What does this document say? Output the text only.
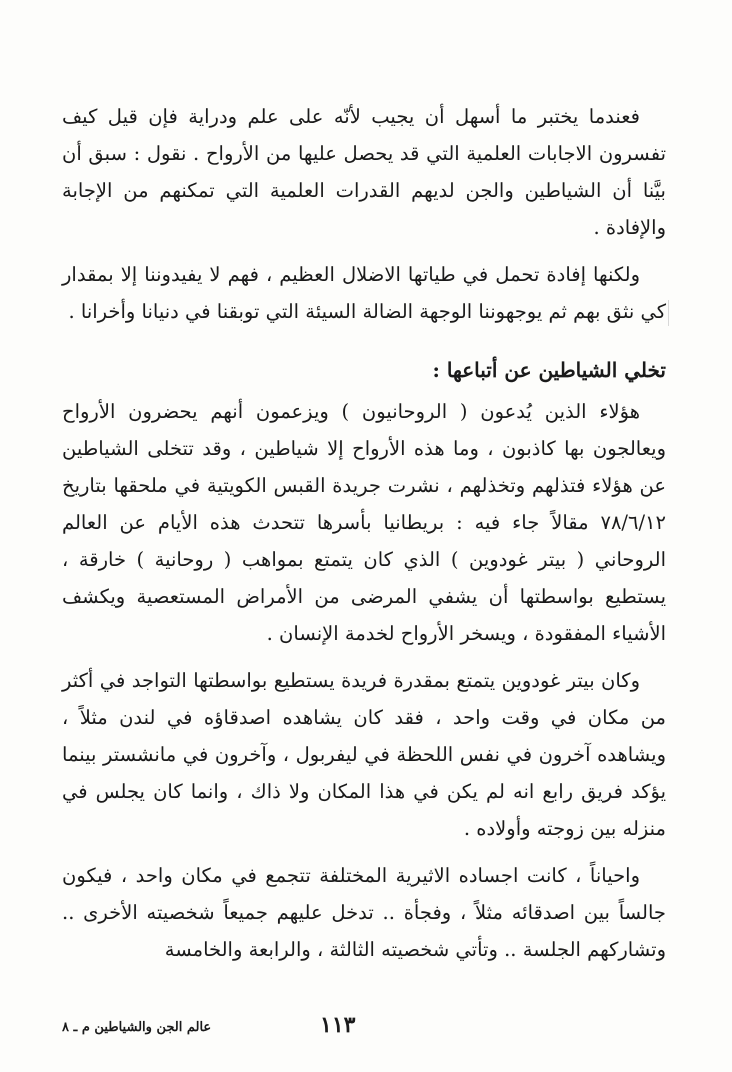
فعندما يختبر ما أسهل أن يجيب لأنّه على علم ودراية فإن قيل كيف تفسرون الاجابات العلمية التي قد يحصل عليها من الأرواح . نقول : سبق أن بيَّنا أن الشياطين والجن لديهم القدرات العلمية التي تمكنهم من الإجابة والإفادة .

ولكنها إفادة تحمل في طياتها الاضلال العظيم ، فهم لا يفيدوننا إلا بمقدار كي نثق بهم ثم يوجهوننا الوجهة الضالة السيئة التي توبقنا في دنيانا وأخرانا .

تخلي الشياطين عن أتباعها :

هؤلاء الذين يُدعون ( الروحانيون ) ويزعمون أنهم يحضرون الأرواح ويعالجون بها كاذبون ، وما هذه الأرواح إلا شياطين ، وقد تتخلى الشياطين عن هؤلاء فتذلهم وتخذلهم ، نشرت جريدة القبس الكويتية في ملحقها بتاريخ ٧٨/٦/١٢ مقالاً جاء فيه : بريطانيا بأسرها تتحدث هذه الأيام عن العالم الروحاني ( بيتر غودوين ) الذي كان يتمتع بمواهب ( روحانية ) خارقة ، يستطيع بواسطتها أن يشفي المرضى من الأمراض المستعصية ويكشف الأشياء المفقودة ، ويسخر الأرواح لخدمة الإنسان .

وكان بيتر غودوين يتمتع بمقدرة فريدة يستطيع بواسطتها التواجد في أكثر من مكان في وقت واحد ، فقد كان يشاهده اصدقاؤه في لندن مثلاً ، ويشاهده آخرون في نفس اللحظة في ليفربول ، وآخرون في مانشستر بينما يؤكد فريق رابع انه لم يكن في هذا المكان ولا ذاك ، وانما كان يجلس في منزله بين زوجته وأولاده .

واحياناً ، كانت اجساده الاثيرية المختلفة تتجمع في مكان واحد ، فيكون جالساً بين اصدقائه مثلاً ، وفجأة .. تدخل عليهم جميعاً شخصيته الأخرى .. وتشاركهم الجلسة .. وتأتي شخصيته الثالثة ، والرابعة والخامسة

١١٣
عالم الجن والشياطين م ـ ٨
